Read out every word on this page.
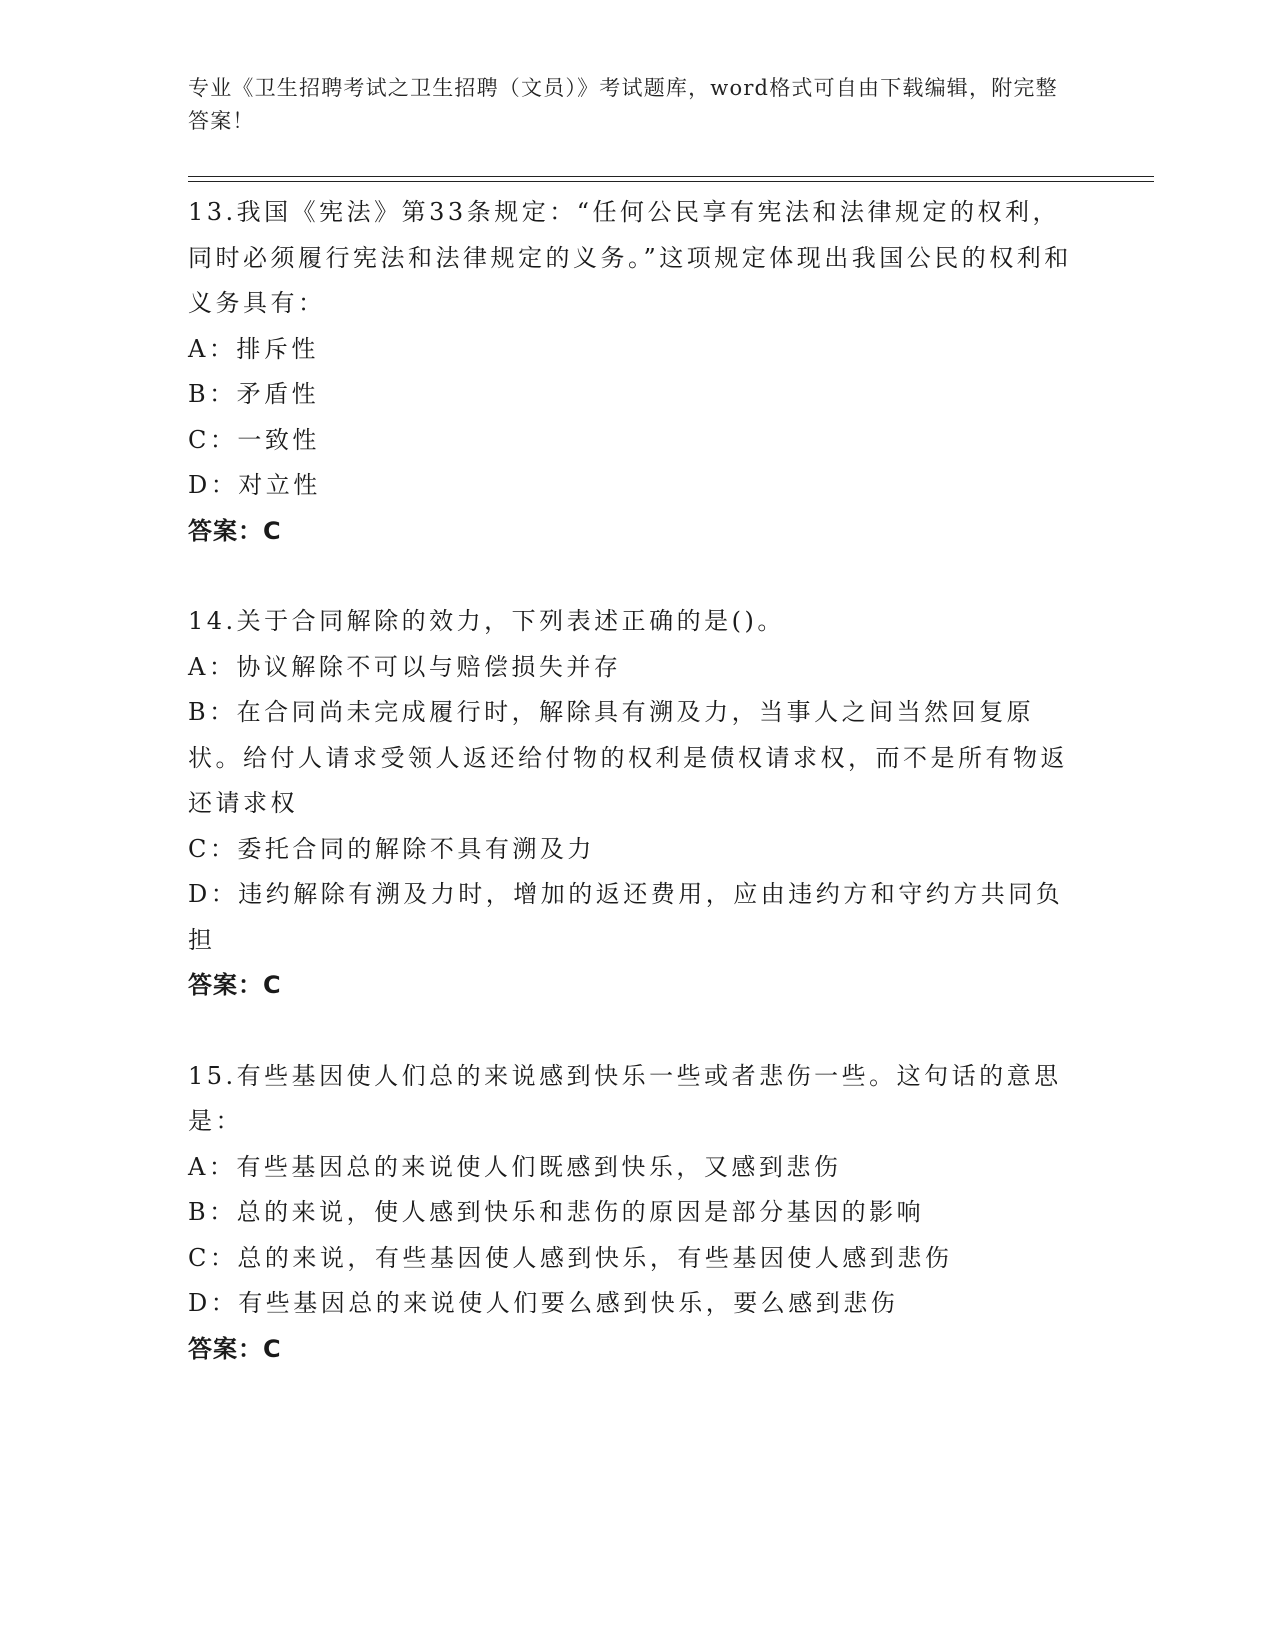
专业《卫生招聘考试之卫生招聘（文员）》考试题库，word格式可自由下载编辑，附完整答案！
13.我国《宪法》第33条规定：“任何公民享有宪法和法律规定的权利，同时必须履行宪法和法律规定的义务。”这项规定体现出我国公民的权利和义务具有：
A：排斥性
B：矛盾性
C：一致性
D：对立性
答案：C
14.关于合同解除的效力，下列表述正确的是()。
A：协议解除不可以与赔偿损失并存
B：在合同尚未完成履行时，解除具有溯及力，当事人之间当然回复原状。给付人请求受领人返还给付物的权利是债权请求权，而不是所有物返还请求权
C：委托合同的解除不具有溯及力
D：违约解除有溯及力时，增加的返还费用，应由违约方和守约方共同负担
答案：C
15.有些基因使人们总的来说感到快乐一些或者悲伤一些。这句话的意思是：
A：有些基因总的来说使人们既感到快乐，又感到悲伤
B：总的来说，使人感到快乐和悲伤的原因是部分基因的影响
C：总的来说，有些基因使人感到快乐，有些基因使人感到悲伤
D：有些基因总的来说使人们要么感到快乐，要么感到悲伤
答案：C
